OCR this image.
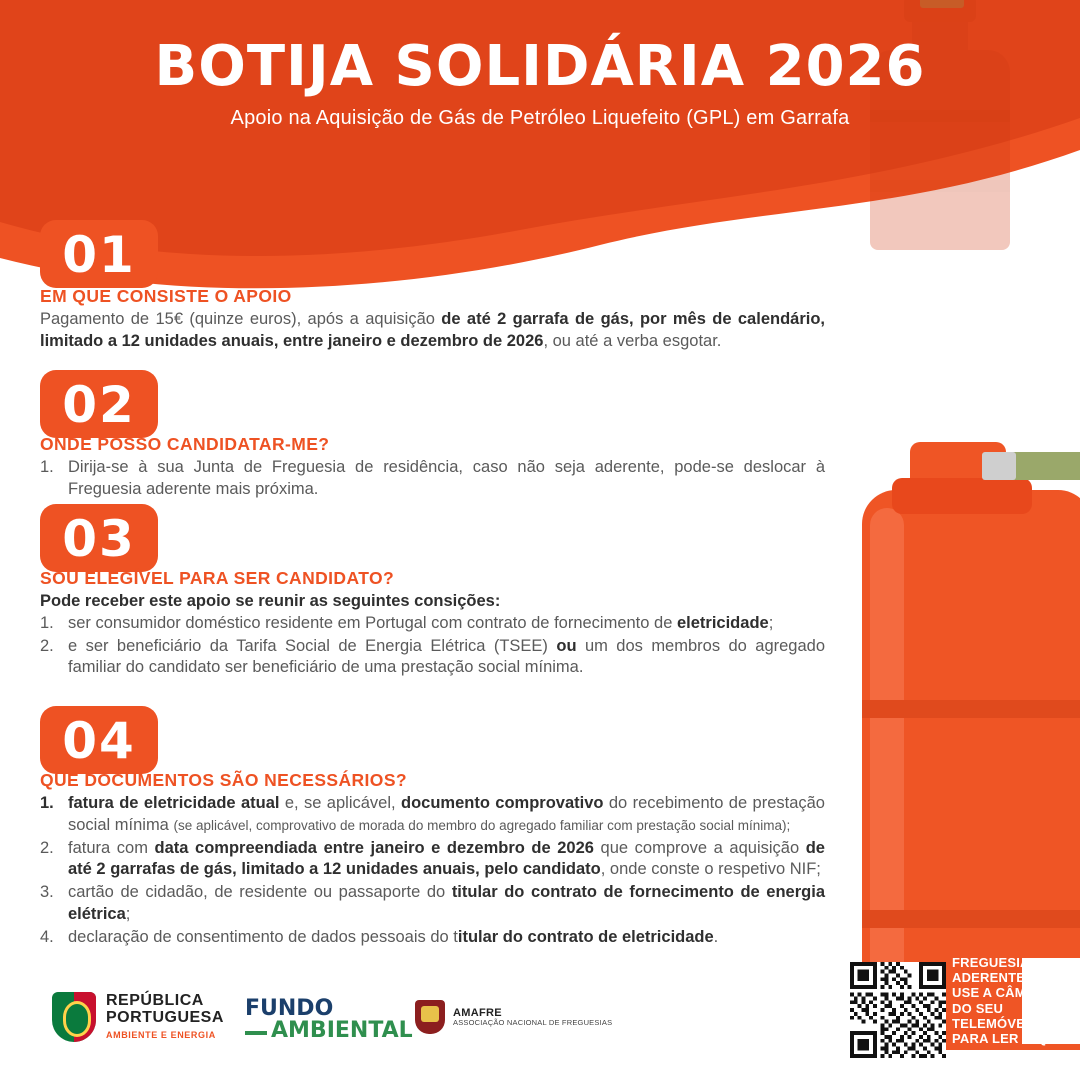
BOTIJA SOLIDÁRIA 2026
Apoio na Aquisição de Gás de Petróleo Liquefeito (GPL) em Garrafa
01
EM QUE CONSISTE O APOIO

Pagamento de 15€ (quinze euros), após a aquisição de até 2 garrafa de gás, por mês de calendário, limitado a 12 unidades anuais, entre janeiro e dezembro de 2026, ou até a verba esgotar.

02
ONDE POSSO CANDIDATAR-ME?
1. Dirija-se à sua Junta de Freguesia de residência, caso não seja aderente, pode-se deslocar à Freguesia aderente mais próxima.
03
SOU ELEGÍVEL PARA SER CANDIDATO?

Pode receber este apoio se reunir as seguintes consições:

1. ser consumidor doméstico residente em Portugal com contrato de fornecimento de eletricidade;
2. e ser beneficiário da Tarifa Social de Energia Elétrica (TSEE) ou um dos membros do agregado familiar do candidato ser beneficiário de uma prestação social mínima.
04
QUE DOCUMENTOS SÃO NECESSÁRIOS?
1. fatura de eletricidade atual e, se aplicável, documento comprovativo do recebimento de prestação social mínima (se aplicável, comprovativo de morada do membro do agregado familiar com prestação social mínima);
2. fatura com data compreendiada entre janeiro e dezembro de 2026 que comprove a aquisição de até 2 garrafas de gás, limitado a 12 unidades anuais, pelo candidato, onde conste o respetivo NIF;
3. cartão de cidadão, de residente ou passaporte do titular do contrato de fornecimento de energia elétrica;
4. declaração de consentimento de dados pessoais do titular do contrato de eletricidade.
REPÚBLICA
PORTUGUESA
AMBIENTE E ENERGIA
FUNDO
AMBIENTAL
AMAFRE
ASSOCIAÇÃO NACIONAL DE FREGUESIAS
FREGUESIAS ADERENTES
USE A CÂMARA DO SEU TELEMÓVEL PARA LER O QR CODE
